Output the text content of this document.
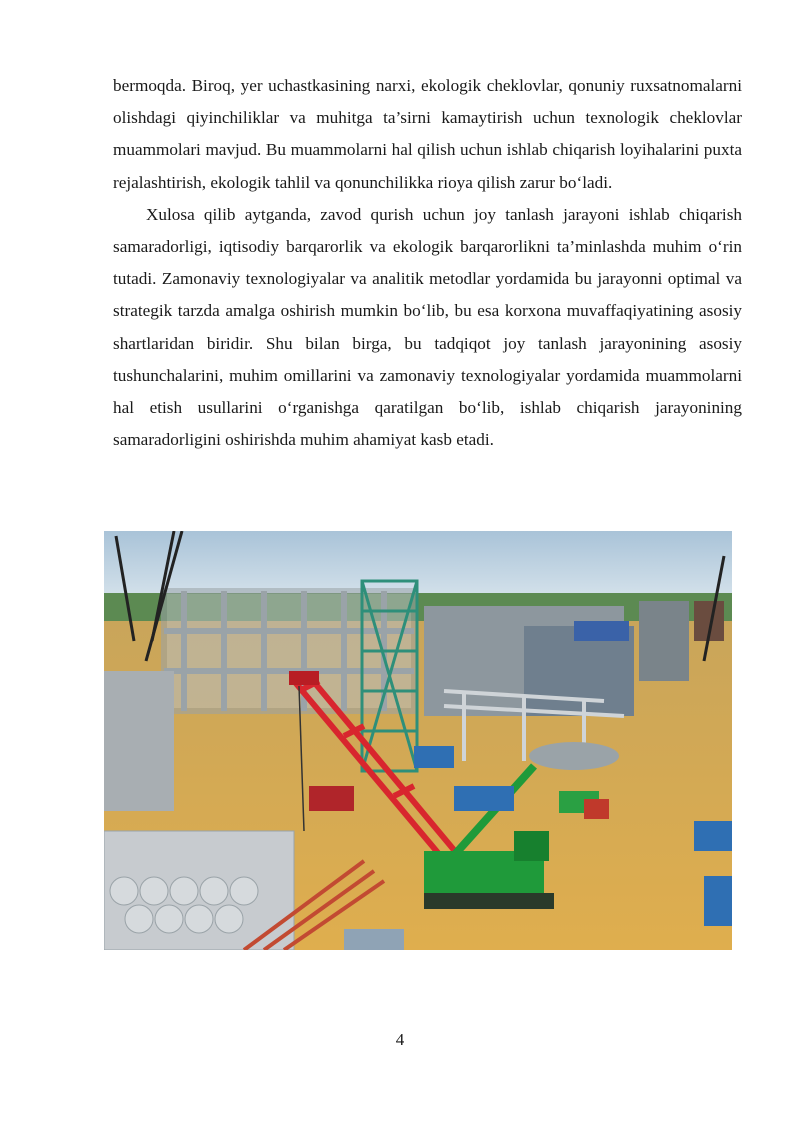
bermoqda. Biroq, yer uchastkasining narxi, ekologik cheklovlar, qonuniy ruxsatnomalarni olishdagi qiyinchiliklar va muhitga ta’sirni kamaytirish uchun texnologik cheklovlar muammolari mavjud. Bu muammolarni hal qilish uchun ishlab chiqarish loyihalarini puxta rejalashtirish, ekologik tahlil va qonunchilikka rioya qilish zarur bo‘ladi.

Xulosa qilib aytganda, zavod qurish uchun joy tanlash jarayoni ishlab chiqarish samaradorligi, iqtisodiy barqarorlik va ekologik barqarorlikni ta’minlashda muhim o‘rin tutadi. Zamonaviy texnologiyalar va analitik metodlar yordamida bu jarayonni optimal va strategik tarzda amalga oshirish mumkin bo‘lib, bu esa korxona muvaffaqiyatining asosiy shartlaridan biridir. Shu bilan birga, bu tadqiqot joy tanlash jarayonining asosiy tushunchalarini, muhim omillarini va zamonaviy texnologiyalar yordamida muammolarni hal etish usullarini o‘rganishga qaratilgan bo‘lib, ishlab chiqarish jarayonining samaradorligini oshirishda muhim ahamiyat kasb etadi.

4
